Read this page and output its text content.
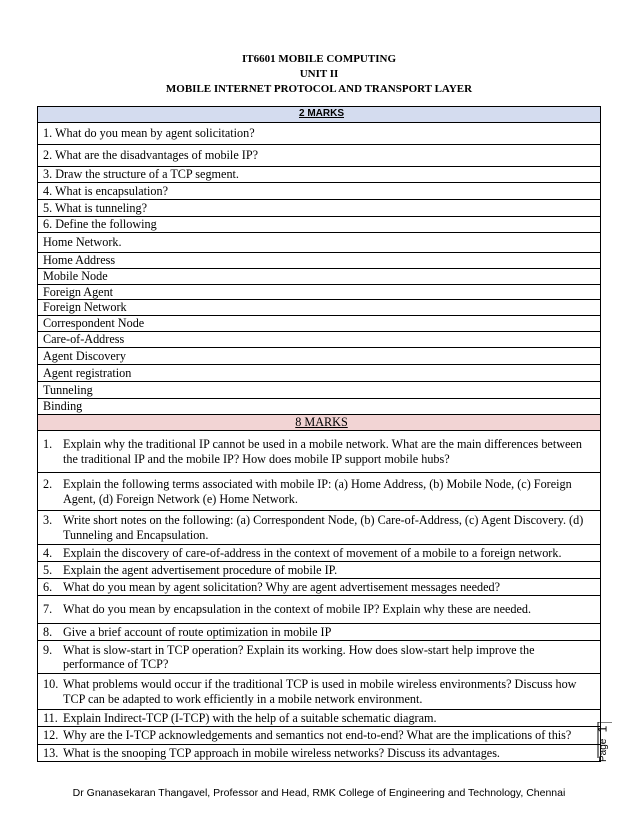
IT6601 MOBILE COMPUTING
UNIT II
MOBILE INTERNET PROTOCOL AND TRANSPORT LAYER
2 MARKS
1. What do you mean by agent solicitation?
2. What are the disadvantages of mobile IP?
3. Draw the structure of a TCP segment.
4. What is encapsulation?
5. What is tunneling?
6. Define the following
Home Network.
Home Address
Mobile Node
Foreign Agent
Foreign Network
Correspondent Node
Care-of-Address
Agent Discovery
Agent registration
Tunneling
Binding
8 MARKS

1. Explain why the traditional IP cannot be used in a mobile network. What are the main differences between the traditional IP and the mobile IP? How does mobile IP support mobile hubs?

2. Explain the following terms associated with mobile IP: (a) Home Address, (b) Mobile Node, (c) Foreign Agent, (d) Foreign Network (e) Home Network.

3. Write short notes on the following: (a) Correspondent Node, (b) Care-of-Address, (c) Agent Discovery. (d) Tunneling and Encapsulation.

4. Explain the discovery of care-of-address in the context of movement of a mobile to a foreign network.

5. Explain the agent advertisement procedure of mobile IP.

6. What do you mean by agent solicitation? Why are agent advertisement messages needed?

7. What do you mean by encapsulation in the context of mobile IP? Explain why these are needed.

8. Give a brief account of route optimization in mobile IP

9. What is slow-start in TCP operation? Explain its working. How does slow-start help improve the performance of TCP?

10. What problems would occur if the traditional TCP is used in mobile wireless environments? Discuss how TCP can be adapted to work efficiently in a mobile network environment.

11. Explain Indirect-TCP (I-TCP) with the help of a suitable schematic diagram.

12. Why are the I-TCP acknowledgements and semantics not end-to-end? What are the implications of this?

13. What is the snooping TCP approach in mobile wireless networks? Discuss its advantages.
1
Page
Dr Gnanasekaran Thangavel, Professor and Head, RMK College of Engineering and Technology, Chennai
